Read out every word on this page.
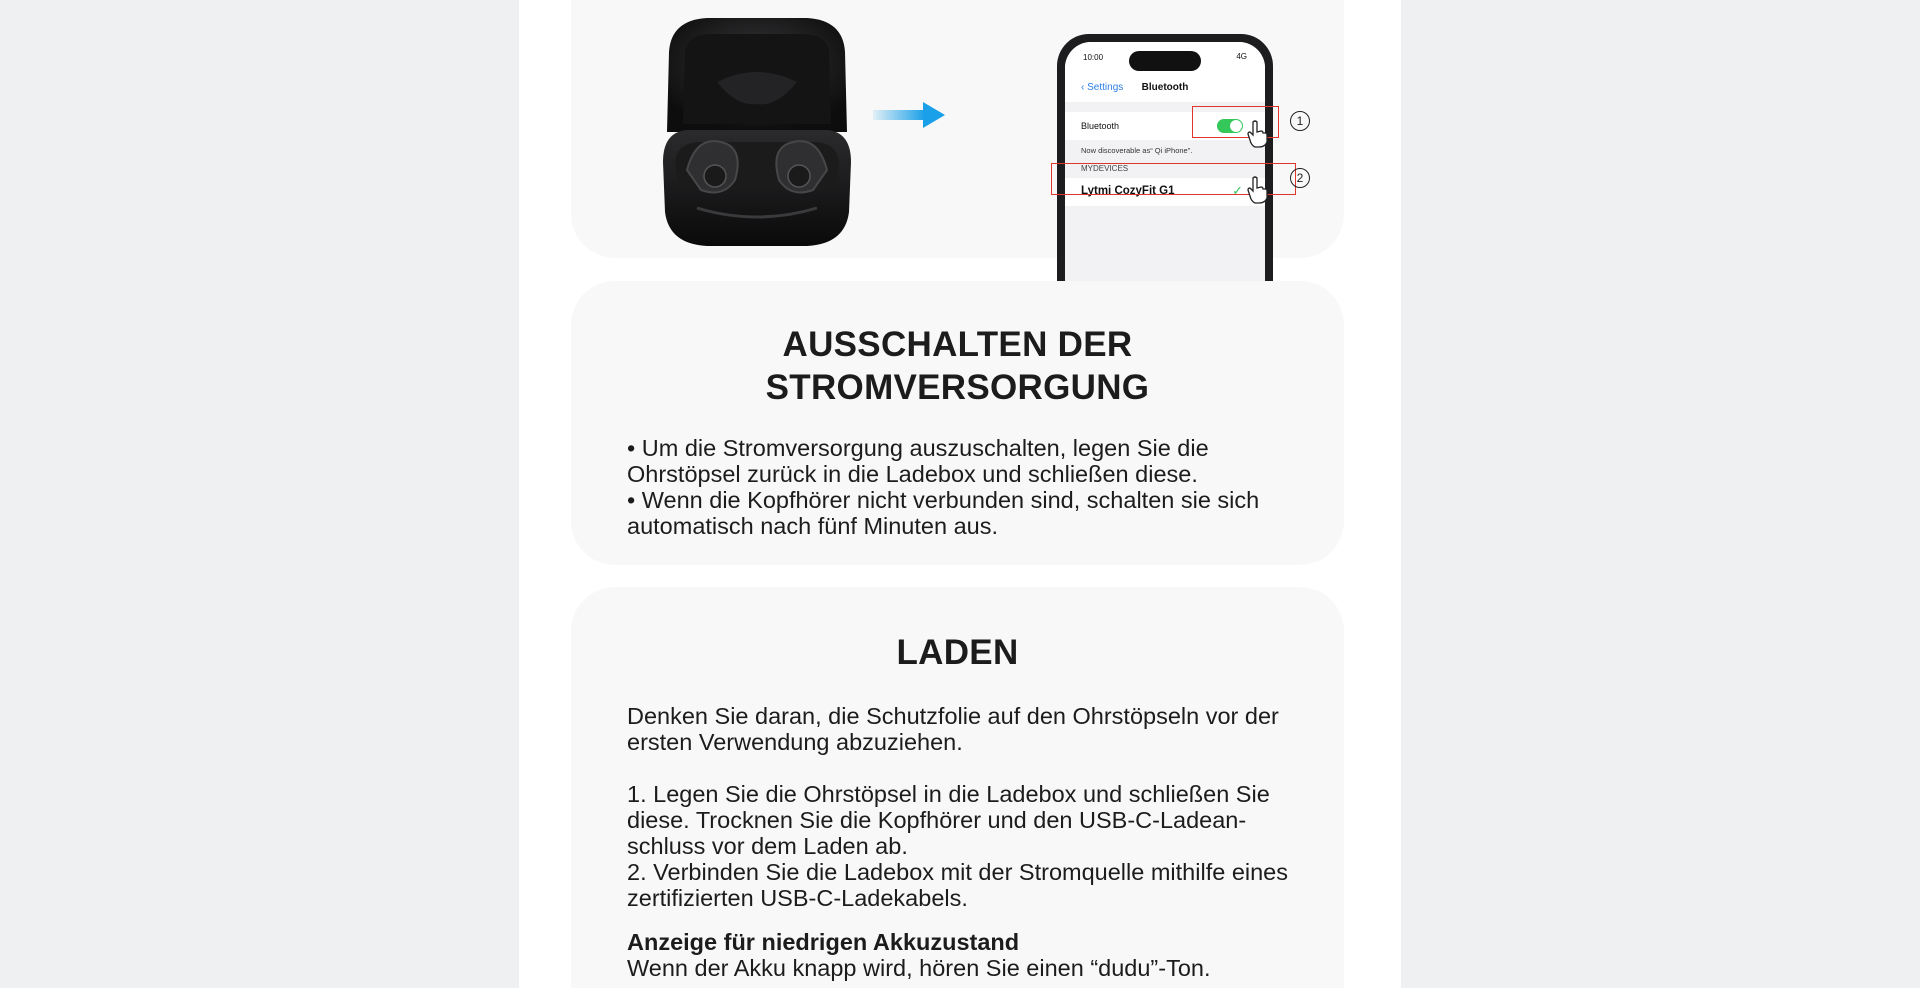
10:00	4G
‹ Settings	Bluetooth
Bluetooth
Now discoverable as“ Qi iPhone”.
MYDEVICES
Lytmi CozyFit G1	✓
1
2
AUSSCHALTEN DER
STROMVERSORGUNG

• Um die Stromversorgung auszuschalten, legen Sie die Ohrstöpsel zurück in die Ladebox und schließen diese.

• Wenn die Kopfhörer nicht verbunden sind, schalten sie sich automatisch nach fünf Minuten aus.

LADEN

Denken Sie daran, die Schutzfolie auf den Ohrstöpseln vor der ersten Verwendung abzuziehen.

1. Legen Sie die Ohrstöpsel in die Ladebox und schließen Sie diese. Trocknen Sie die Kopfhörer und den USB-C-Ladean-schluss vor dem Laden ab.

2. Verbinden Sie die Ladebox mit der Stromquelle mithilfe eines zertifizierten USB-C-Ladekabels.

Anzeige für niedrigen Akkuzustand

Wenn der Akku knapp wird, hören Sie einen “dudu”-Ton.
